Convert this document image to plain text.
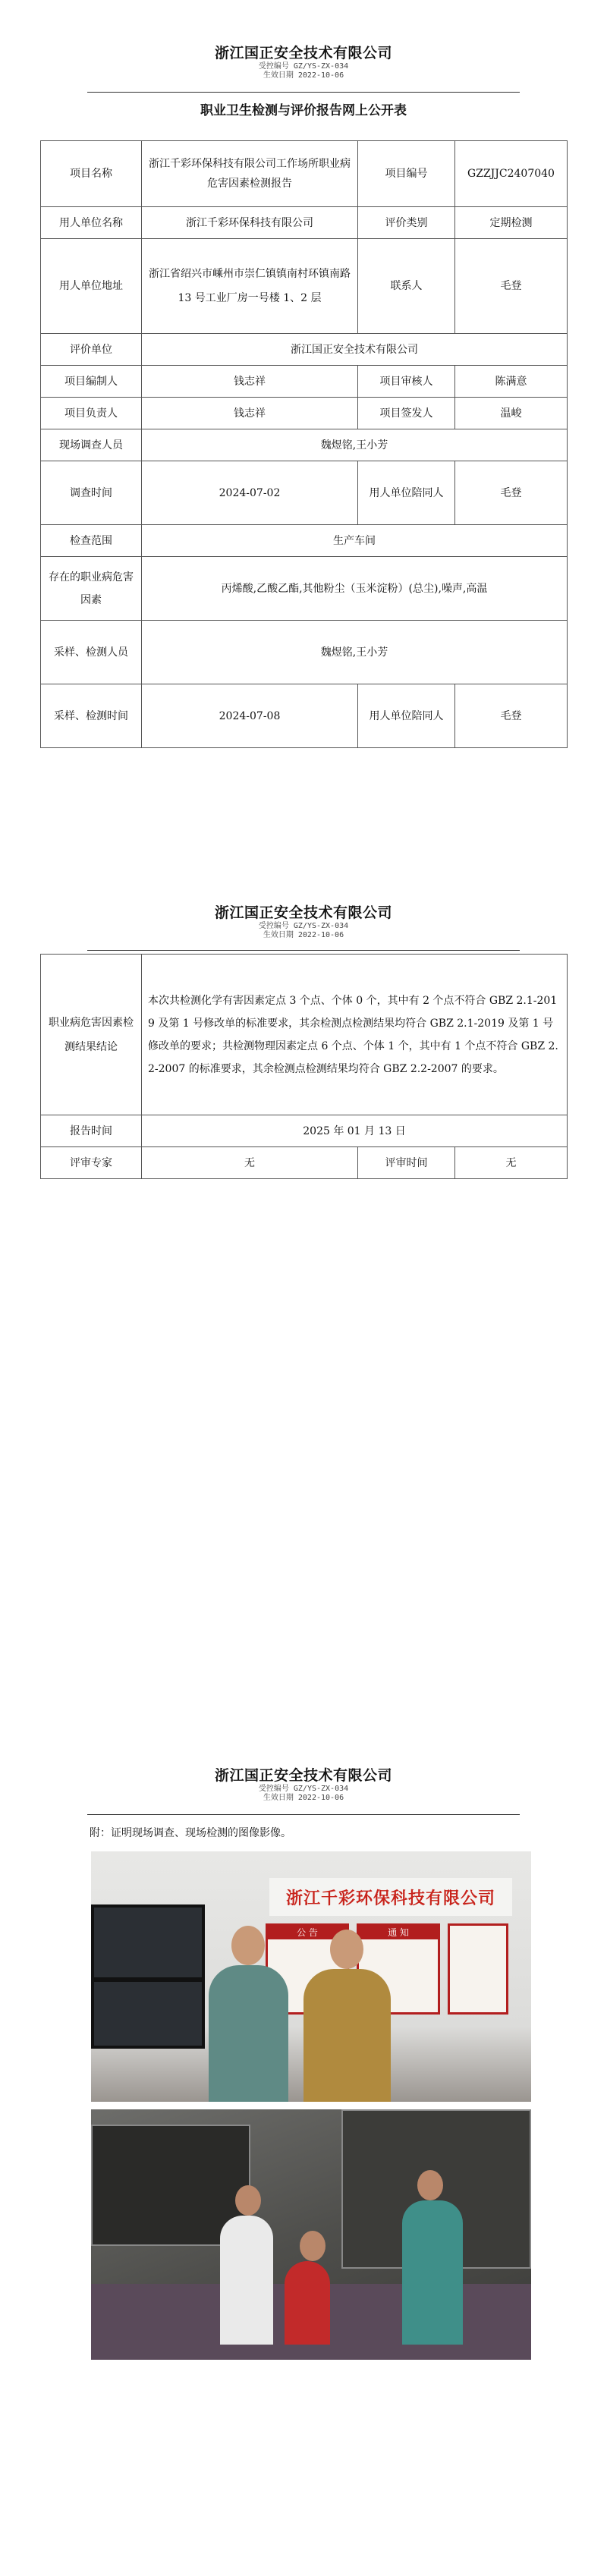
浙江国正安全技术有限公司
受控编号 GZ/YS-ZX-034
生效日期 2022-10-06
职业卫生检测与评价报告网上公开表
项目名称	浙江千彩环保科技有限公司工作场所职业病危害因素检测报告	项目编号	GZZJJC2407040
用人单位名称	浙江千彩环保科技有限公司	评价类别	定期检测
用人单位地址	浙江省绍兴市嵊州市崇仁镇镇南村环镇南路 13 号工业厂房一号楼 1、2 层	联系人	毛登
评价单位	浙江国正安全技术有限公司		
项目编制人	钱志祥	项目审核人	陈满意
项目负责人	钱志祥	项目签发人	温峻
现场调查人员	魏煜铭,王小芳		
调查时间	2024-07-02	用人单位陪同人	毛登
检查范围	生产车间		
存在的职业病危害因素	丙烯酸,乙酸乙酯,其他粉尘（玉米淀粉）(总尘),噪声,高温		
采样、检测人员	魏煜铭,王小芳		
采样、检测时间	2024-07-08	用人单位陪同人	毛登
浙江国正安全技术有限公司
受控编号 GZ/YS-ZX-034
生效日期 2022-10-06
职业病危害因素检测结果结论	本次共检测化学有害因素定点 3 个点、个体 0 个，其中有 2 个点不符合 GBZ 2.1-2019 及第 1 号修改单的标准要求，其余检测点检测结果均符合 GBZ 2.1-2019 及第 1 号修改单的要求；共检测物理因素定点 6 个点、个体 1 个，其中有 1 个点不符合 GBZ 2.2-2007 的标准要求，其余检测点检测结果均符合 GBZ 2.2-2007 的要求。		
报告时间	2025 年 01 月 13 日		
评审专家	无	评审时间	无
浙江国正安全技术有限公司
受控编号 GZ/YS-ZX-034
生效日期 2022-10-06
附：证明现场调查、现场检测的图像影像。
浙江千彩环保科技有限公司
公 告	通 知
